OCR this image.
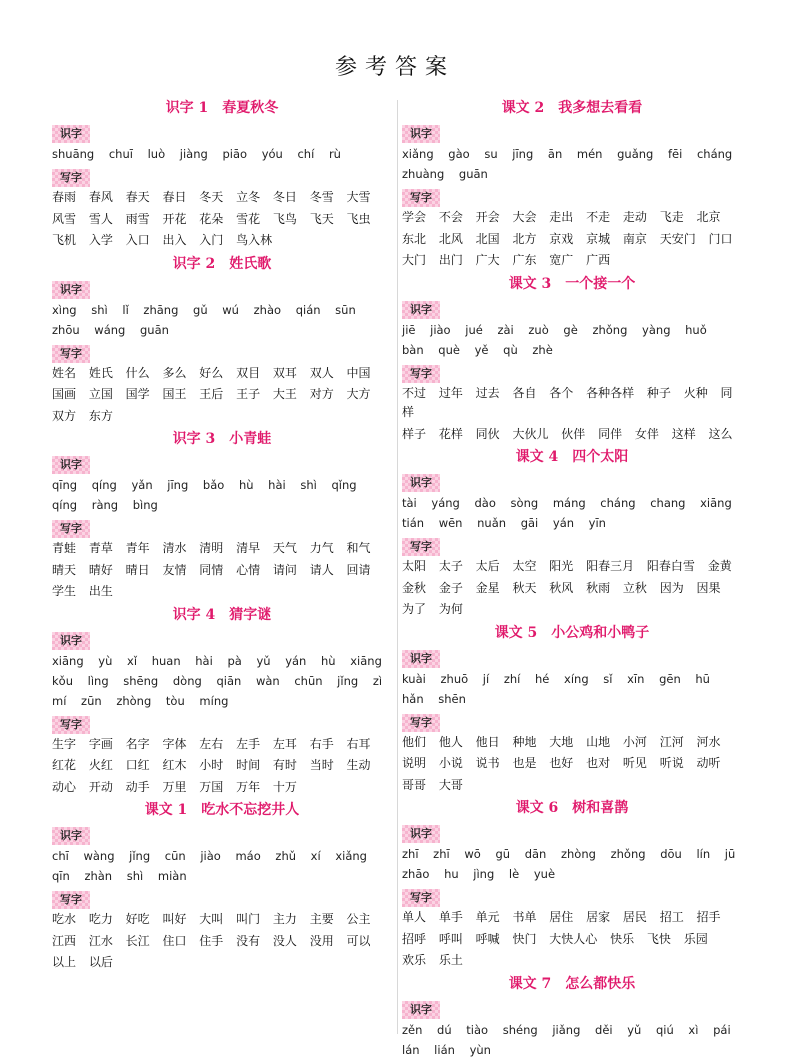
参考答案
识字 1　春夏秋冬
识字
shuāng chuī luò jiàng piāo yóu chí rù
写字
春雨 春风 春天 春日 冬天 立冬 冬日 冬雪 大雪
风雪 雪人 雨雪 开花 花朵 雪花 飞鸟 飞天 飞虫
飞机 入学 入口 出入 入门 鸟入林
识字 2　姓氏歌
识字
xìng shì lǐ zhāng gǔ wú zhào qián sūn zhōu wáng guān
写字
姓名 姓氏 什么 多么 好么 双目 双耳 双人 中国
国画 立国 国学 国王 王后 王子 大王 对方 大方
双方 东方
识字 3　小青蛙
识字
qīng qíng yǎn jīng bǎo hù hài shì qǐng qíng ràng bìng
写字
青蛙 青草 青年 清水 清明 清早 天气 力气 和气
晴天 晴好 晴日 友情 同情 心情 请问 请人 回请
学生 出生
识字 4　猜字谜
识字
xiāng yù xǐ huan hài pà yǔ yán hù xiāng kǒu lìng shēng dòng qiān wàn chūn jǐng zì mí zūn zhòng tòu míng
写字
生字 字画 名字 字体 左右 左手 左耳 右手 右耳
红花 火红 口红 红木 小时 时间 有时 当时 生动
动心 开动 动手 万里 万国 万年 十万
课文 1　吃水不忘挖井人
识字
chī wàng jǐng cūn jiào máo zhǔ xí xiǎng qīn zhàn shì miàn
写字
吃水 吃力 好吃 叫好 大叫 叫门 主力 主要 公主
江西 江水 长江 住口 住手 没有 没人 没用 可以
以上 以后
课文 2　我多想去看看
识字
xiǎng gào su jīng ān mén guǎng fēi cháng zhuàng guān
写字
学会 不会 开会 大会 走出 不走 走动 飞走 北京
东北 北风 北国 北方 京戏 京城 南京 天安门 门口
大门 出门 广大 广东 宽广 广西
课文 3　一个接一个
识字
jiē jiào jué zài zuò gè zhǒng yàng huǒ bàn què yě qù zhè
写字
不过 过年 过去 各自 各个 各种各样 种子 火种 同样
样子 花样 同伙 大伙儿 伙伴 同伴 女伴 这样 这么
课文 4　四个太阳
识字
tài yáng dào sòng máng cháng chang xiāng tián wēn nuǎn gāi yán yīn
写字
太阳 太子 太后 太空 阳光 阳春三月 阳春白雪 金黄
金秋 金子 金星 秋天 秋风 秋雨 立秋 因为 因果
为了 为何
课文 5　小公鸡和小鸭子
识字
kuài zhuō jí zhí hé xíng sǐ xīn gēn hū hǎn shēn
写字
他们 他人 他日 种地 大地 山地 小河 江河 河水
说明 小说 说书 也是 也好 也对 听见 听说 动听
哥哥 大哥
课文 6　树和喜鹊
识字
zhī zhī wō gū dān zhòng zhǒng dōu lín jū zhāo hu jìng lè yuè
写字
单人 单手 单元 书单 居住 居家 居民 招工 招手
招呼 呼叫 呼喊 快门 大快人心 快乐 飞快 乐园
欢乐 乐土
课文 7　怎么都快乐
识字
zěn dú tiào shéng jiǎng děi yǔ qiú xì pái lán lián yùn
